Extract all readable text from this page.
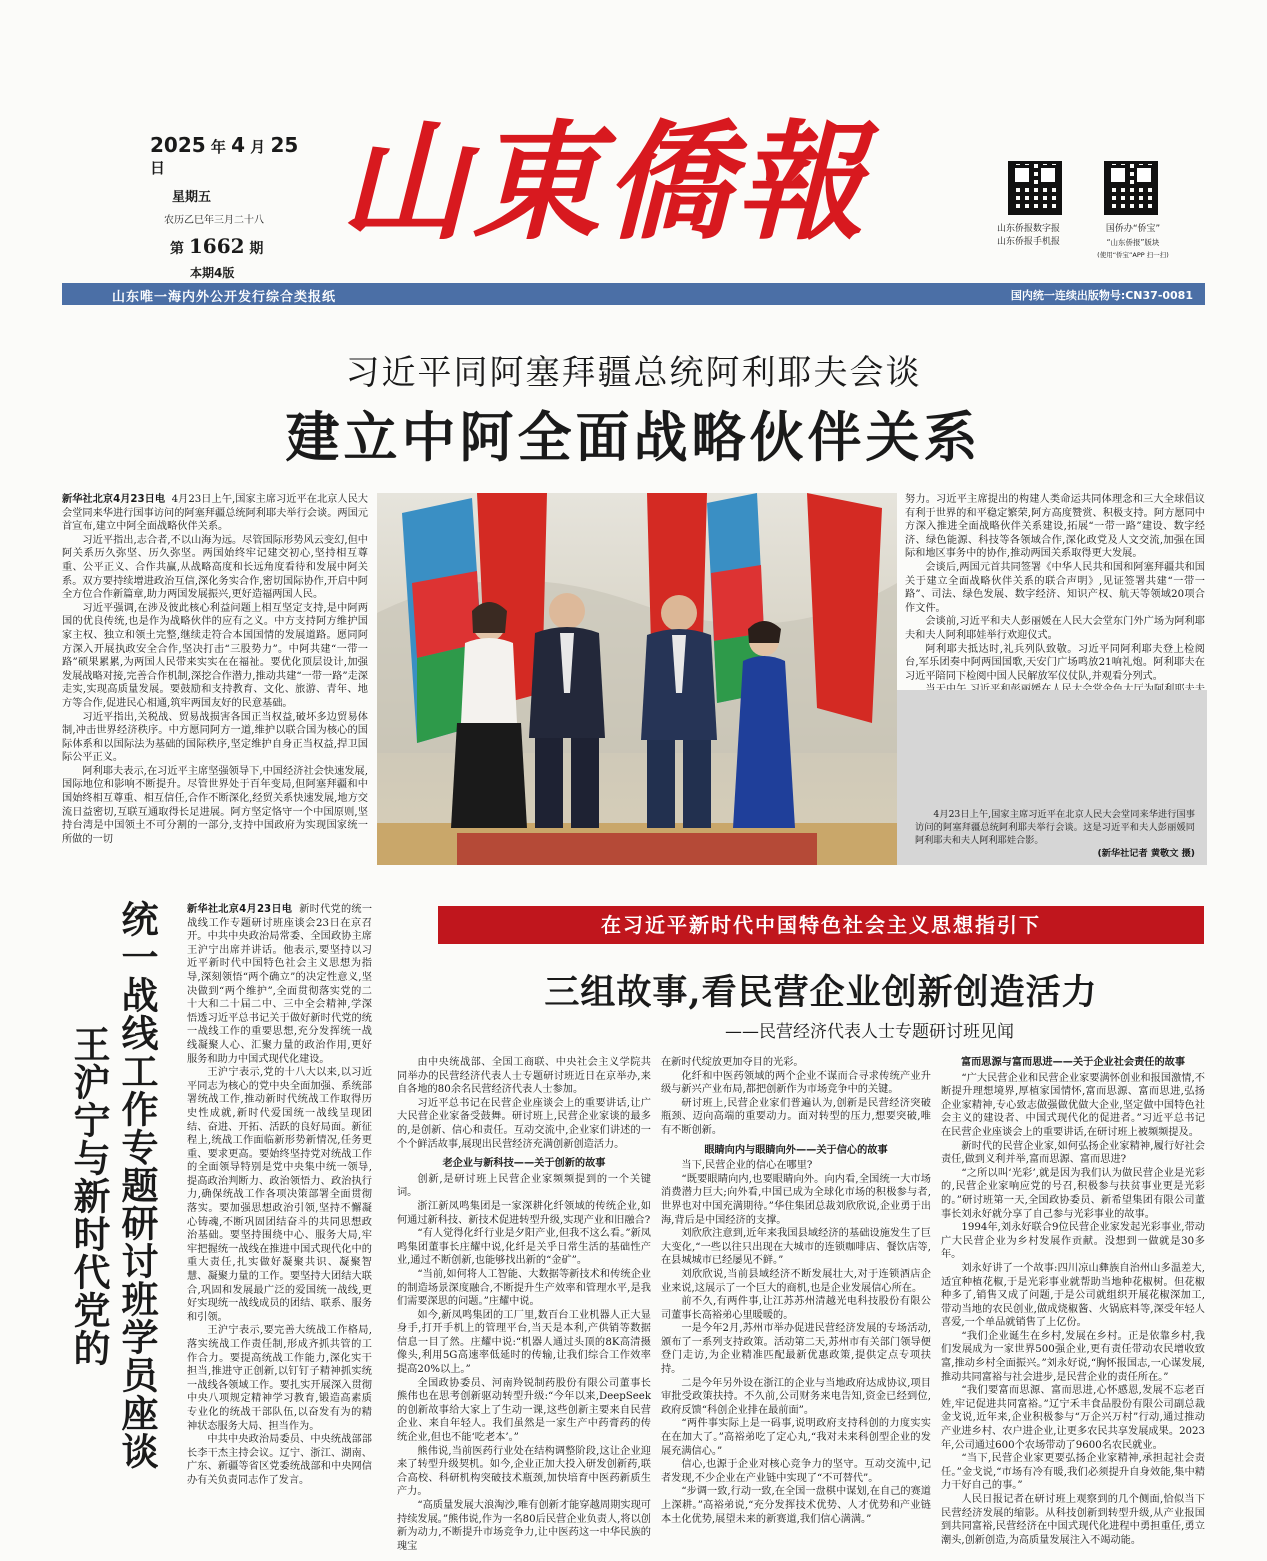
2025 年 4 月 25 日
星期五
农历乙巳年三月二十八
第 1662 期
本期4版
山東僑報	山东侨报数字报
山东侨报手机报
国侨办“侨宝”
“山东侨报”版块
(使用“侨宝”APP 扫一扫)
山东唯一海内外公开发行综合类报纸	国内统一连续出版物号:CN37-0081
习近平同阿塞拜疆总统阿利耶夫会谈
建立中阿全面战略伙伴关系

新华社北京4月23日电 4月23日上午,国家主席习近平在北京人民大会堂同来华进行国事访问的阿塞拜疆总统阿利耶夫举行会谈。两国元首宣布,建立中阿全面战略伙伴关系。

习近平指出,志合者,不以山海为远。尽管国际形势风云变幻,但中阿关系历久弥坚、历久弥坚。两国始终牢记建交初心,坚持相互尊重、公平正义、合作共赢,从战略高度和长远角度看待和发展中阿关系。双方要持续增进政治互信,深化务实合作,密切国际协作,开启中阿全方位合作新篇章,助力两国发展振兴,更好造福两国人民。

习近平强调,在涉及彼此核心利益问题上相互坚定支持,是中阿两国的优良传统,也是作为战略伙伴的应有之义。中方支持阿方维护国家主权、独立和领土完整,继续走符合本国国情的发展道路。愿同阿方深入开展执政安全合作,坚决打击“三股势力”。中阿共建“一带一路”硕果累累,为两国人民带来实实在在福祉。要优化顶层设计,加强发展战略对接,完善合作机制,深挖合作潜力,推动共建“一带一路”走深走实,实现高质量发展。要鼓励和支持教育、文化、旅游、青年、地方等合作,促进民心相通,筑牢两国友好的民意基础。

习近平指出,关税战、贸易战损害各国正当权益,破坏多边贸易体制,冲击世界经济秩序。中方愿同阿方一道,维护以联合国为核心的国际体系和以国际法为基础的国际秩序,坚定维护自身正当权益,捍卫国际公平正义。

阿利耶夫表示,在习近平主席坚强领导下,中国经济社会快速发展,国际地位和影响不断提升。尽管世界处于百年变局,但阿塞拜疆和中国始终相互尊重、相互信任,合作不断深化,经贸关系快速发展,地方交流日益密切,互联互通取得长足进展。阿方坚定恪守一个中国原则,坚持台湾是中国领土不可分割的一部分,支持中国政府为实现国家统一所做的一切

努力。习近平主席提出的构建人类命运共同体理念和三大全球倡议有利于世界的和平稳定繁荣,阿方高度赞赏、积极支持。阿方愿同中方深入推进全面战略伙伴关系建设,拓展“一带一路”建设、数字经济、绿色能源、科技等各领域合作,深化政党及人文交流,加强在国际和地区事务中的协作,推动两国关系取得更大发展。

会谈后,两国元首共同签署《中华人民共和国和阿塞拜疆共和国关于建立全面战略伙伴关系的联合声明》,见证签署共建“一带一路”、司法、绿色发展、数字经济、知识产权、航天等领域20项合作文件。

会谈前,习近平和夫人彭丽媛在人民大会堂东门外广场为阿利耶夫和夫人阿利耶娃举行欢迎仪式。

阿利耶夫抵达时,礼兵列队致敬。习近平同阿利耶夫登上检阅台,军乐团奏中阿两国国歌,天安门广场鸣放21响礼炮。阿利耶夫在习近平陪同下检阅中国人民解放军仪仗队,并观看分列式。

4月23日上午,国家主席习近平在北京人民大会堂同来华进行国事访问的阿塞拜疆总统阿利耶夫举行会谈。这是习近平和夫人彭丽媛同阿利耶夫和夫人阿利耶娃合影。
(新华社记者 黄敬文 摄)
统一战线工作专题研讨班学员座谈
王沪宁与新时代党的

新华社北京4月23日电 新时代党的统一战线工作专题研讨班座谈会23日在京召开。中共中央政治局常委、全国政协主席王沪宁出席并讲话。他表示,要坚持以习近平新时代中国特色社会主义思想为指导,深刻领悟“两个确立”的决定性意义,坚决做到“两个维护”,全面贯彻落实党的二十大和二十届二中、三中全会精神,学深悟透习近平总书记关于做好新时代党的统一战线工作的重要思想,充分发挥统一战线凝聚人心、汇聚力量的政治作用,更好服务和助力中国式现代化建设。

王沪宁表示,党的十八大以来,以习近平同志为核心的党中央全面加强、系统部署统战工作,推动新时代统战工作取得历史性成就,新时代爱国统一战线呈现团结、奋进、开拓、活跃的良好局面。新征程上,统战工作面临新形势新情况,任务更重、要求更高。要始终坚持党对统战工作的全面领导特别是党中央集中统一领导,提高政治判断力、政治领悟力、政治执行力,确保统战工作各项决策部署全面贯彻落实。要加强思想政治引领,坚持不懈凝心铸魂,不断巩固团结奋斗的共同思想政治基础。要坚持围绕中心、服务大局,牢牢把握统一战线在推进中国式现代化中的重大责任,扎实做好凝聚共识、凝聚智慧、凝聚力量的工作。要坚持大团结大联合,巩固和发展最广泛的爱国统一战线,更好实现统一战线成员的团结、联系、服务和引领。

王沪宁表示,要完善大统战工作格局,落实统战工作责任制,形成齐抓共管的工作合力。要提高统战工作能力,深化实干担当,推进守正创新,以钉钉子精神抓实统一战线各领域工作。要扎实开展深入贯彻中央八项规定精神学习教育,锻造高素质专业化的统战干部队伍,以奋发有为的精神状态服务大局、担当作为。

中共中央政治局委员、中央统战部部长李干杰主持会议。辽宁、浙江、湖南、广东、新疆等省区党委统战部和中央网信办有关负责同志作了发言。

在习近平新时代中国特色社会主义思想指引下
三组故事,看民营企业创新创造活力
——民营经济代表人士专题研讨班见闻

由中央统战部、全国工商联、中央社会主义学院共同举办的民营经济代表人士专题研讨班近日在京举办,来自各地的80余名民营经济代表人士参加。

习近平总书记在民营企业座谈会上的重要讲话,让广大民营企业家备受鼓舞。研讨班上,民营企业家谈的最多的,是创新、信心和责任。互动交流中,企业家们讲述的一个个鲜活故事,展现出民营经济充满创新创造活力。

老企业与新科技——关于创新的故事

创新,是研讨班上民营企业家频频提到的一个关键词。

浙江新凤鸣集团是一家深耕化纤领域的传统企业,如何通过新科技、新技术促进转型升级,实现产业和旧融合?

“有人觉得化纤行业是夕阳产业,但我不这么看。”新凤鸣集团董事长庄耀中说,化纤是关乎日常生活的基础性产业,通过不断创新,也能够找出新的“金矿”。

“当前,如何将人工智能、大数据等新技术和传统企业的制造场景深度融合,不断提升生产效率和管理水平,是我们需要深思的问题。”庄耀中说。

如今,新凤鸣集团的工厂里,数百台工业机器人正大显身手,打开手机上的管理平台,当天是本利,产供销等数据信息一目了然。庄耀中说:“机器人通过头顶的8K高清摄像头,利用5G高速率低延时的传输,让我们综合工作效率提高20%以上。”

全国政协委员、河南羚锐制药股份有限公司董事长熊伟也在思考创新驱动转型升级:“今年以来,DeepSeek的创新故事给大家上了生动一课,这些创新主要来自民营企业、来自年轻人。我们虽然是一家生产中药膏药的传统企业,但也不能‘吃老本’。”

熊伟说,当前医药行业处在结构调整阶段,这让企业迎来了转型升级契机。如今,企业正加大投入研发创新药,联合高校、科研机构突破技术瓶颈,加快培育中医药新质生产力。

“高质量发展大浪淘沙,唯有创新才能穿越周期实现可持续发展。”熊伟说,作为一名80后民营企业负责人,将以创新为动力,不断提升市场竞争力,让中医药这一中华民族的瑰宝

在新时代绽放更加夺目的光彩。

化纤和中医药领域的两个企业不谋而合寻求传统产业升级与新兴产业布局,都把创新作为市场竞争中的关键。

研讨班上,民营企业家们普遍认为,创新是民营经济突破瓶颈、迈向高端的重要动力。面对转型的压力,想要突破,唯有不断创新。

眼睛向内与眼睛向外——关于信心的故事

当下,民营企业的信心在哪里?

“既要眼睛向内,也要眼睛向外。向内看,全国统一大市场消费潜力巨大;向外看,中国已成为全球化市场的积极参与者,世界也对中国充满期待。”华住集团总裁刘欣欣说,企业勇于出海,背后是中国经济的支撑。

刘欣欣注意到,近年来我国县域经济的基础设施发生了巨大变化,“一些以往只出现在大城市的连锁咖啡店、餐饮店等,在县城城市已经屡见不鲜。”

刘欣欣说,当前县域经济不断发展壮大,对于连锁酒店企业来说,这展示了一个巨大的商机,也是企业发展信心所在。

前不久,有两件事,让江苏苏州清越光电科技股份有限公司董事长高裕弟心里暖暖的。

一是今年2月,苏州市举办促进民营经济发展的专场活动,颁布了一系列支持政策。活动第二天,苏州市有关部门领导便登门走访,为企业精准匹配最新优惠政策,提供定点专项扶持。

二是今年另外设在浙江的企业与当地政府达成协议,项目审批受政策扶持。不久前,公司财务来电告知,资金已经到位,政府反馈“科创企业排在最前面”。

“两件事实际上是一码事,说明政府支持科创的力度实实在在加大了。”高裕弟吃了定心丸,“我对未来科创型企业的发展充满信心。”

信心,也源于企业对核心竞争力的坚守。互动交流中,记者发现,不少企业在产业链中实现了“不可替代”。

“步调一致,行动一致,在全国一盘棋中谋划,在自己的赛道上深耕。”高裕弟说,“充分发挥技术优势、人才优势和产业链本土化优势,展望未来的新赛道,我们信心满满。”

富而思源与富而思进——关于企业社会责任的故事

“广大民营企业和民营企业家要满怀创业和报国激情,不断提升理想境界,厚植家国情怀,富而思源、富而思进,弘扬企业家精神,专心致志做强做优做大企业,坚定做中国特色社会主义的建设者、中国式现代化的促进者。”习近平总书记在民营企业座谈会上的重要讲话,在研讨班上被频频提及。

新时代的民营企业家,如何弘扬企业家精神,履行好社会责任,做到义利并举,富而思源、富而思进?

“之所以叫‘光彩’,就是因为我们认为做民营企业是光彩的,民营企业家响应党的号召,积极参与扶贫事业更是光彩的。”研讨班第一天,全国政协委员、新希望集团有限公司董事长刘永好就分享了自己参与光彩事业的故事。

1994年,刘永好联合9位民营企业家发起光彩事业,带动广大民营企业为乡村发展作贡献。没想到一做就是30多年。

刘永好讲了一个故事:四川凉山彝族自治州山多温差大,适宜种植花椒,于是光彩事业就帮助当地种花椒树。但花椒种多了,销售又成了问题,于是公司就组织开展花椒深加工,带动当地的农民创业,做成烧椒酱、火锅底料等,深受年轻人喜爱,一个单品就销售了上亿份。

“我们企业诞生在乡村,发展在乡村。正是依靠乡村,我们发展成为一家世界500强企业,更有责任带动农民增收致富,推动乡村全面振兴。”刘永好说,“胸怀报国志,一心谋发展,推动共同富裕与社会进步,是民营企业的责任所在。”

“我们要富而思源、富而思进,心怀感恩,发展不忘老百姓,牢记促进共同富裕。”辽宁禾丰食品股份有限公司副总裁金戈说,近年来,企业积极参与“万企兴万村”行动,通过推动产业进乡村、农户进企业,让更多农民共享发展成果。2023年,公司通过600个农场带动了9600名农民就业。

“当下,民营企业家更要弘扬企业家精神,承担起社会责任。”金戈说,“市场有冷有暖,我们必须提升自身效能,集中精力干好自己的事。”

人民日报记者在研讨班上观察到的几个侧面,恰似当下民营经济发展的缩影。从科技创新到转型升级,从产业报国到共同富裕,民营经济在中国式现代化进程中勇担重任,勇立潮头,创新创造,为高质量发展注入不竭动能。
